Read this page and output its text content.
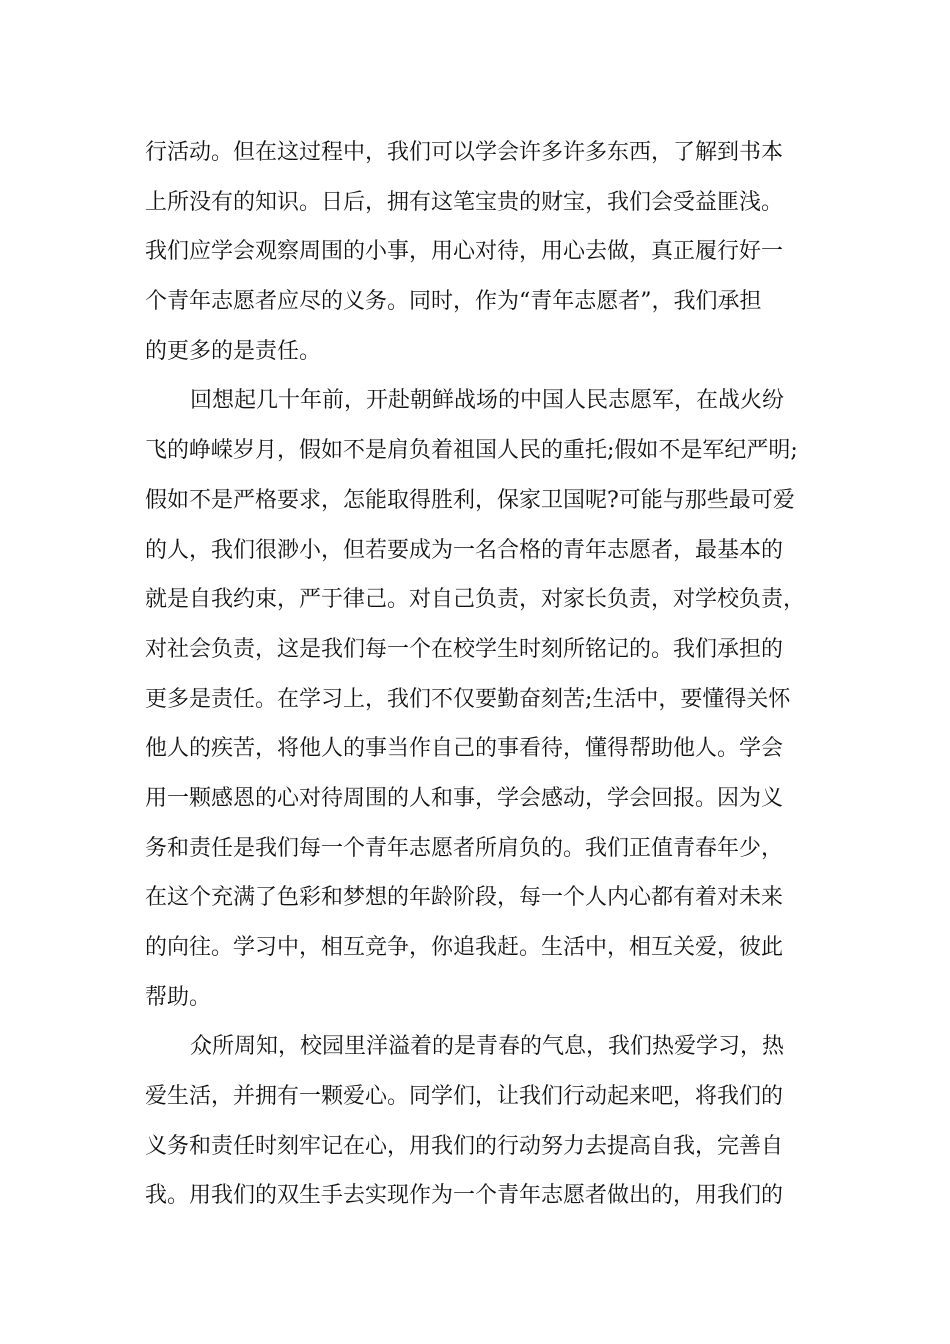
行活动。但在这过程中，我们可以学会许多许多东西，了解到书本
上所没有的知识。日后，拥有这笔宝贵的财宝，我们会受益匪浅。
我们应学会观察周围的小事，用心对待，用心去做，真正履行好一
个青年志愿者应尽的义务。同时，作为“青年志愿者”，我们承担
的更多的是责任。
回想起几十年前，开赴朝鲜战场的中国人民志愿军，在战火纷
飞的峥嵘岁月，假如不是肩负着祖国人民的重托;假如不是军纪严明;
假如不是严格要求，怎能取得胜利，保家卫国呢?可能与那些最可爱
的人，我们很渺小，但若要成为一名合格的青年志愿者，最基本的
就是自我约束，严于律己。对自己负责，对家长负责，对学校负责，
对社会负责，这是我们每一个在校学生时刻所铭记的。我们承担的
更多是责任。在学习上，我们不仅要勤奋刻苦;生活中，要懂得关怀
他人的疾苦，将他人的事当作自己的事看待，懂得帮助他人。学会
用一颗感恩的心对待周围的人和事，学会感动，学会回报。因为义
务和责任是我们每一个青年志愿者所肩负的。我们正值青春年少，
在这个充满了色彩和梦想的年龄阶段，每一个人内心都有着对未来
的向往。学习中，相互竞争，你追我赶。生活中，相互关爱，彼此
帮助。
众所周知，校园里洋溢着的是青春的气息，我们热爱学习，热
爱生活，并拥有一颗爱心。同学们，让我们行动起来吧，将我们的
义务和责任时刻牢记在心，用我们的行动努力去提高自我，完善自
我。用我们的双生手去实现作为一个青年志愿者做出的，用我们的
